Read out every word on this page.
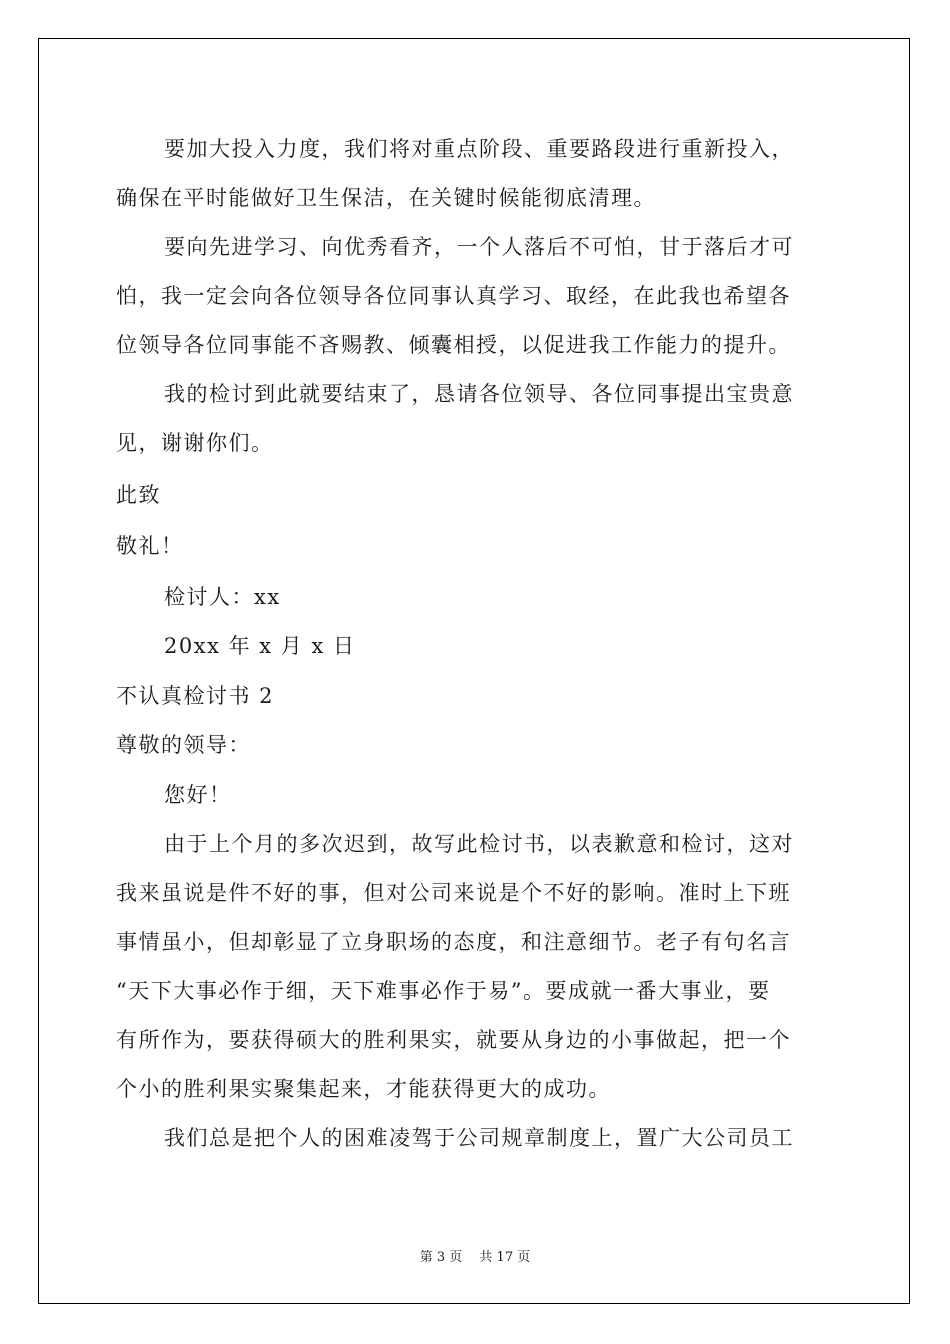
要加大投入力度，我们将对重点阶段、重要路段进行重新投入，
确保在平时能做好卫生保洁，在关键时候能彻底清理。
要向先进学习、向优秀看齐，一个人落后不可怕，甘于落后才可
怕，我一定会向各位领导各位同事认真学习、取经，在此我也希望各
位领导各位同事能不吝赐教、倾囊相授，以促进我工作能力的提升。
我的检讨到此就要结束了，恳请各位领导、各位同事提出宝贵意
见，谢谢你们。
此致
敬礼！
检讨人：xx
20xx 年 x 月 x 日
不认真检讨书 2
尊敬的领导：
您好！
由于上个月的多次迟到，故写此检讨书，以表歉意和检讨，这对
我来虽说是件不好的事，但对公司来说是个不好的影响。准时上下班
事情虽小，但却彰显了立身职场的态度，和注意细节。老子有句名言
“天下大事必作于细，天下难事必作于易”。要成就一番大事业，要
有所作为，要获得硕大的胜利果实，就要从身边的小事做起，把一个
个小的胜利果实聚集起来，才能获得更大的成功。
我们总是把个人的困难凌驾于公司规章制度上，置广大公司员工
第 3 页　 共 17 页
